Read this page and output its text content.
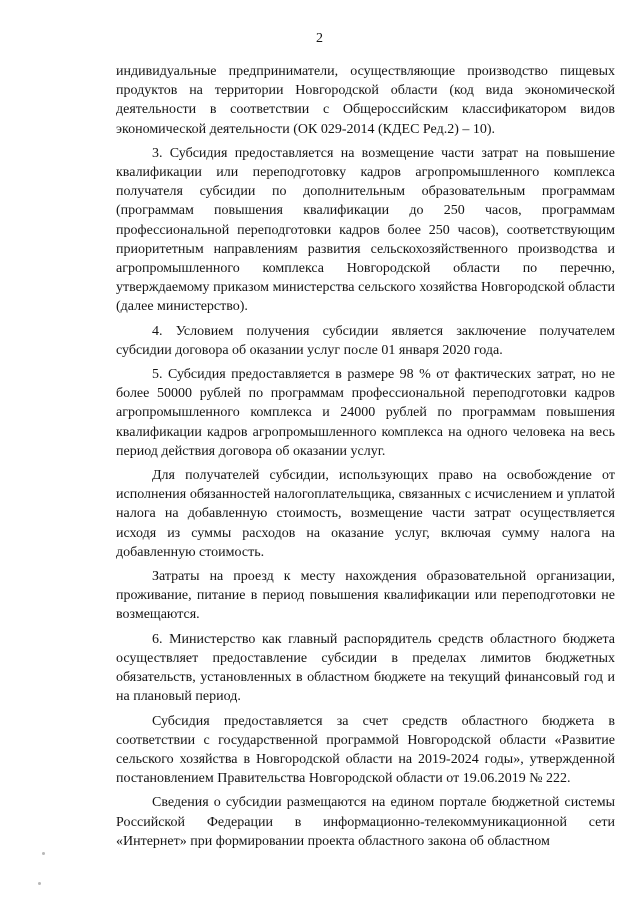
2

индивидуальные предприниматели, осуществляющие производство пищевых продуктов на территории Новгородской области (код вида экономической деятельности в соответствии с Общероссийским классификатором видов экономической деятельности (ОК 029-2014 (КДЕС Ред.2) – 10).

3. Субсидия предоставляется на возмещение части затрат на повышение квалификации или переподготовку кадров агропромышленного комплекса получателя субсидии по дополнительным образовательным программам (программам повышения квалификации до 250 часов, программам профессиональной переподготовки кадров более 250 часов), соответствующим приоритетным направлениям развития сельскохозяйственного производства и агропромышленного комплекса Новгородской области по перечню, утверждаемому приказом министерства сельского хозяйства Новгородской области (далее министерство).

4. Условием получения субсидии является заключение получателем субсидии договора об оказании услуг после 01 января 2020 года.

5. Субсидия предоставляется в размере 98 % от фактических затрат, но не более 50000 рублей по программам профессиональной переподготовки кадров агропромышленного комплекса и 24000 рублей по программам повышения квалификации кадров агропромышленного комплекса на одного человека на весь период действия договора об оказании услуг.

Для получателей субсидии, использующих право на освобождение от исполнения обязанностей налогоплательщика, связанных с исчислением и уплатой налога на добавленную стоимость, возмещение части затрат осуществляется исходя из суммы расходов на оказание услуг, включая сумму налога на добавленную стоимость.

Затраты на проезд к месту нахождения образовательной организации, проживание, питание в период повышения квалификации или переподготовки не возмещаются.

6. Министерство как главный распорядитель средств областного бюджета осуществляет предоставление субсидии в пределах лимитов бюджетных обязательств, установленных в областном бюджете на текущий финансовый год и на плановый период.

Субсидия предоставляется за счет средств областного бюджета в соответствии с государственной программой Новгородской области «Развитие сельского хозяйства в Новгородской области на 2019-2024 годы», утвержденной постановлением Правительства Новгородской области от 19.06.2019 № 222.

Сведения о субсидии размещаются на едином портале бюджетной системы Российской Федерации в информационно-телекоммуникационной сети «Интернет» при формировании проекта областного закона об областном
